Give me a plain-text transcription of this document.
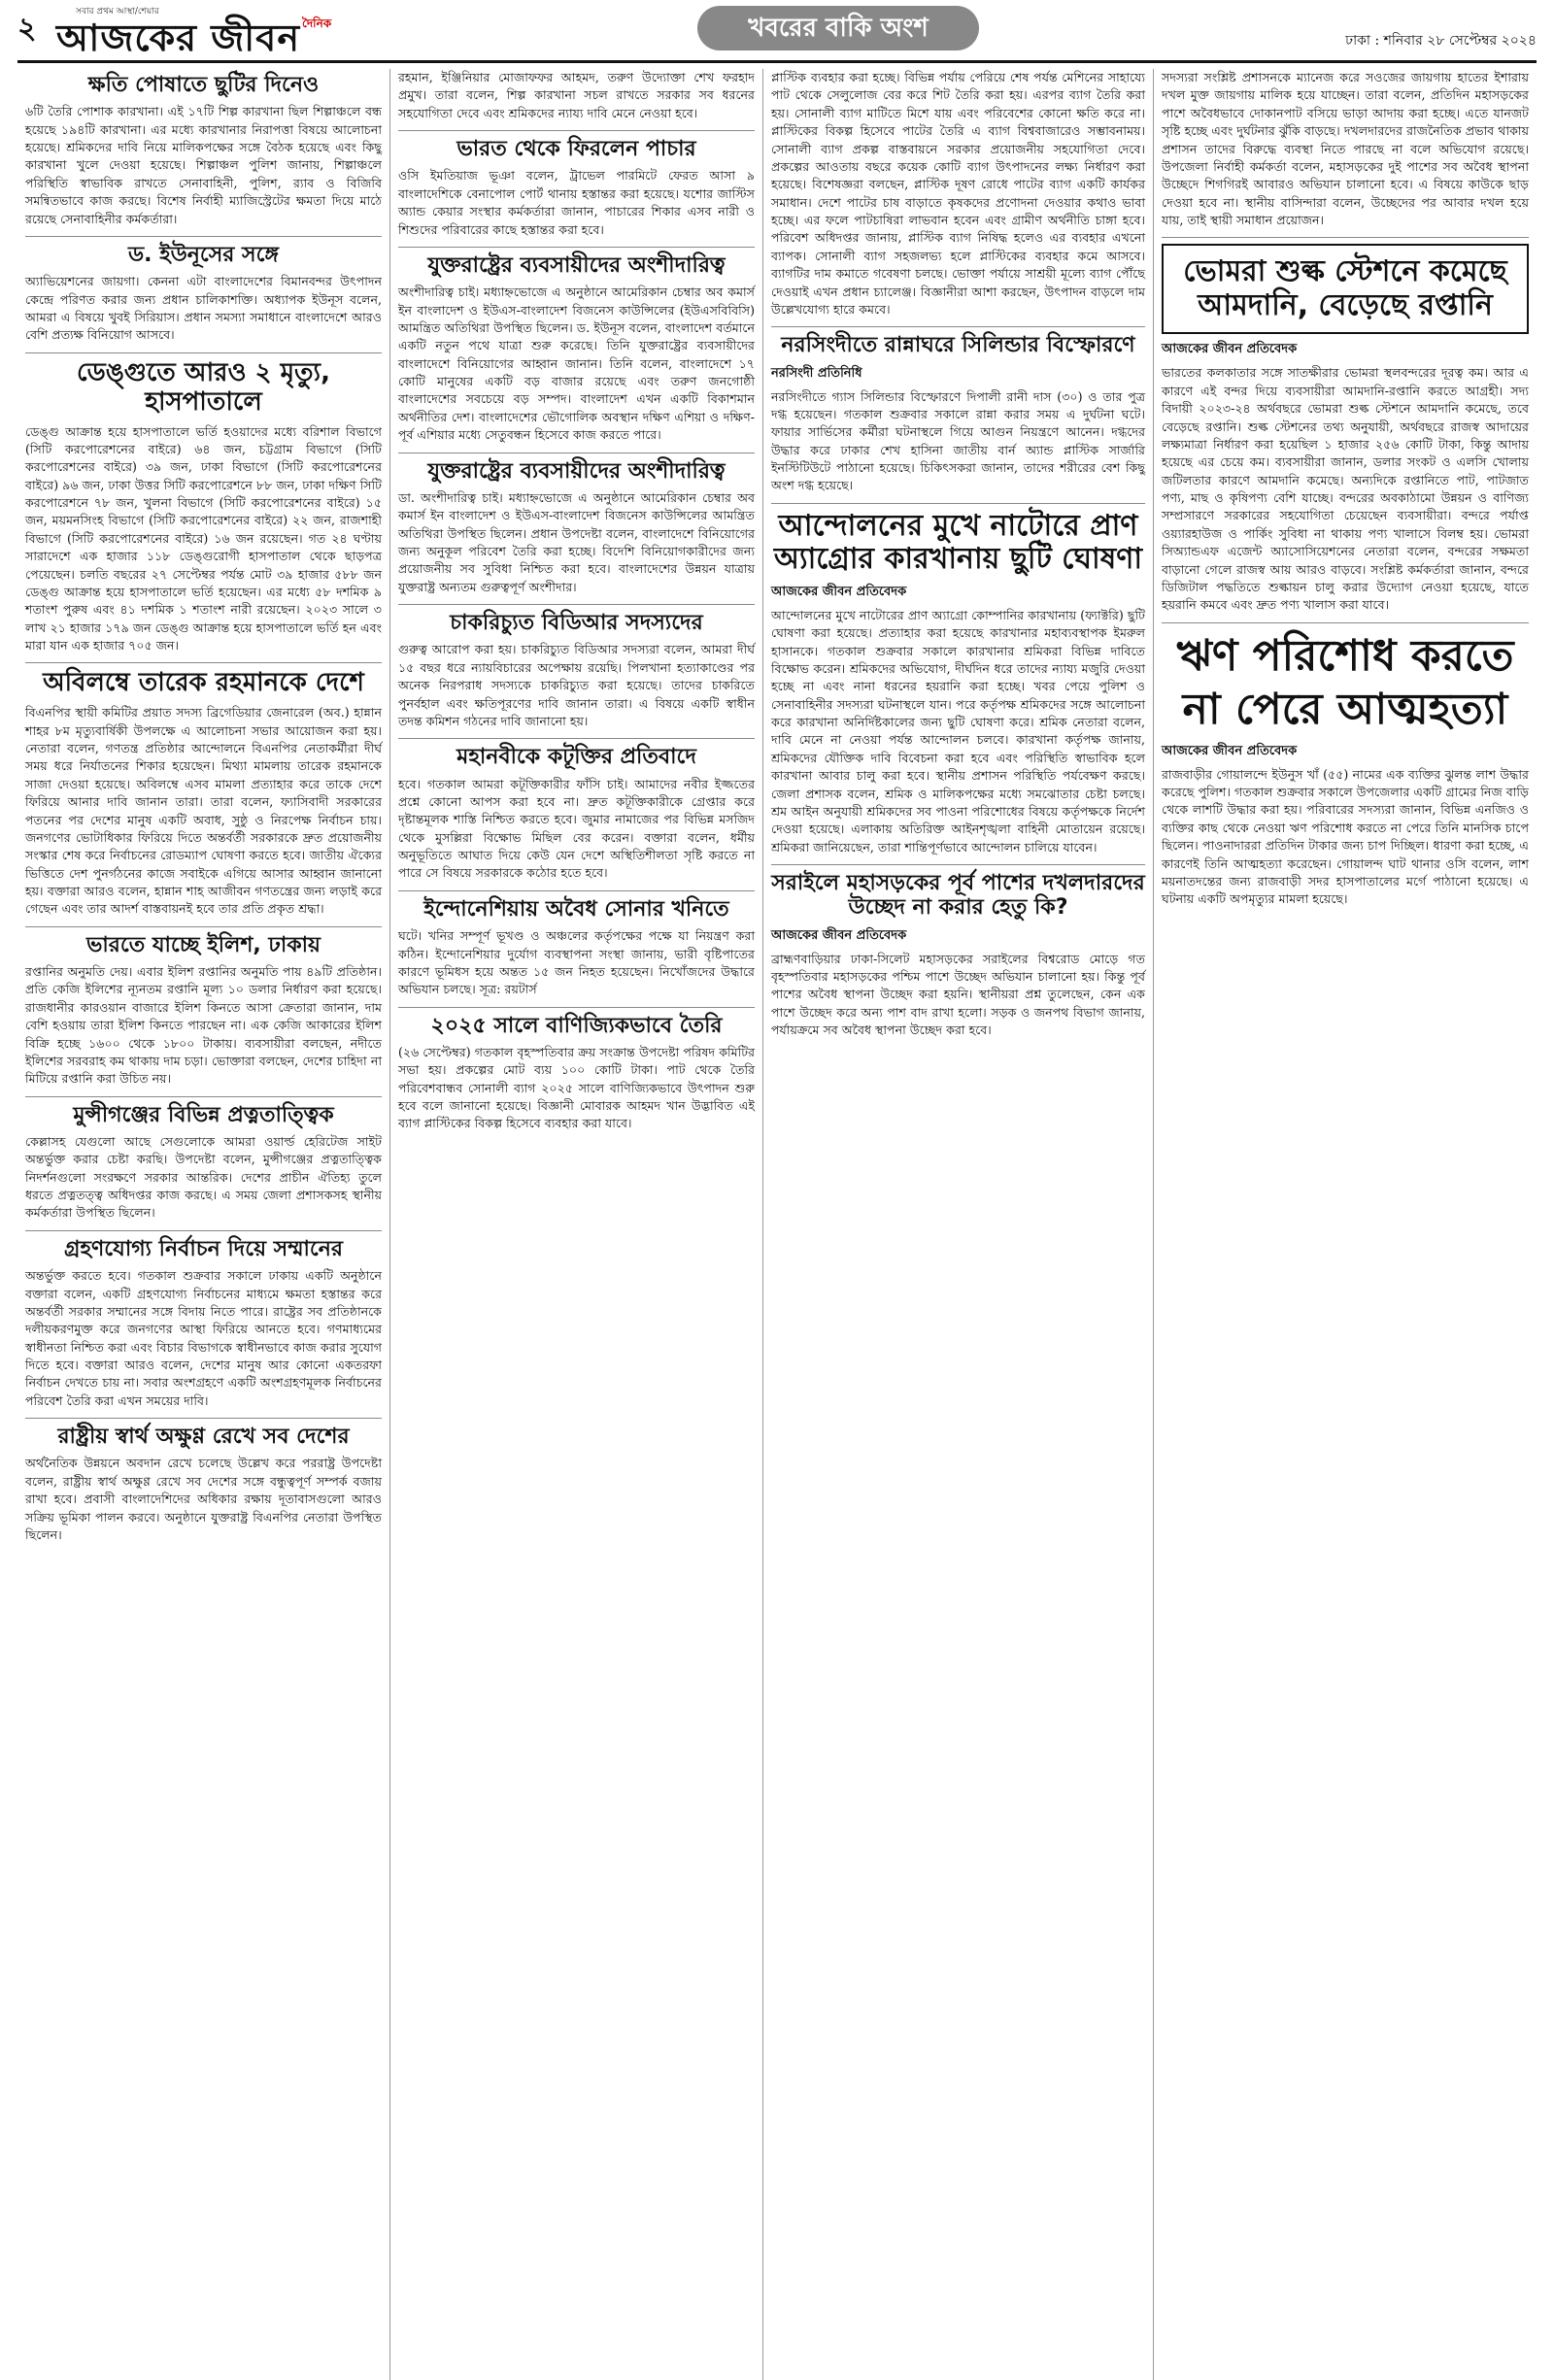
২	সবার প্রথম আস্থা/শেয়ার
আজকের জীবন দৈনিক	খবরের বাকি অংশ	ঢাকা : শনিবার ২৮ সেপ্টেম্বর ২০২৪
ক্ষতি পোষাতে ছুটির দিনেও

৬টি তৈরি পোশাক কারখানা। এই ১৭টি শিল্প কারখানা ছিল শিল্পাঞ্চলে বন্ধ হয়েছে ১৯৪টি কারখানা। এর মধ্যে কারখানার নিরাপত্তা বিষয়ে আলোচনা হয়েছে। শ্রমিকদের দাবি নিয়ে মালিকপক্ষের সঙ্গে বৈঠক হয়েছে এবং কিছু কারখানা খুলে দেওয়া হয়েছে। শিল্পাঞ্চল পুলিশ জানায়, শিল্পাঞ্চলে পরিস্থিতি স্বাভাবিক রাখতে সেনাবাহিনী, পুলিশ, র‍্যাব ও বিজিবি সমন্বিতভাবে কাজ করছে। বিশেষ নির্বাহী ম্যাজিস্ট্রেটের ক্ষমতা দিয়ে মাঠে রয়েছে সেনাবাহিনীর কর্মকর্তারা।

ড. ইউনূসের সঙ্গে

অ্যাভিয়েশনের জায়গা। কেননা এটা বাংলাদেশের বিমানবন্দর উৎপাদন কেন্দ্রে পরিণত করার জন্য প্রধান চালিকাশক্তি। অধ্যাপক ইউনূস বলেন, আমরা এ বিষয়ে খুবই সিরিয়াস। প্রধান সমস্যা সমাধানে বাংলাদেশে আরও বেশি প্রত্যক্ষ বিনিয়োগ আসবে।

ডেঙ্গুতে আরও ২ মৃত্যু, হাসপাতালে

ডেঙ্গু আক্রান্ত হয়ে হাসপাতালে ভর্তি হওয়াদের মধ্যে বরিশাল বিভাগে (সিটি করপোরেশনের বাইরে) ৬৪ জন, চট্টগ্রাম বিভাগে (সিটি করপোরেশনের বাইরে) ৩৯ জন, ঢাকা বিভাগে (সিটি করপোরেশনের বাইরে) ৯৬ জন, ঢাকা উত্তর সিটি করপোরেশনে ৮৮ জন, ঢাকা দক্ষিণ সিটি করপোরেশনে ৭৮ জন, খুলনা বিভাগে (সিটি করপোরেশনের বাইরে) ১৫ জন, ময়মনসিংহ বিভাগে (সিটি করপোরেশনের বাইরে) ২২ জন, রাজশাহী বিভাগে (সিটি করপোরেশনের বাইরে) ১৬ জন রয়েছেন। গত ২৪ ঘণ্টায় সারাদেশে এক হাজার ১১৮ ডেঙ্গুরোগী হাসপাতাল থেকে ছাড়পত্র পেয়েছেন। চলতি বছরের ২৭ সেপ্টেম্বর পর্যন্ত মোট ৩৯ হাজার ৫৮৮ জন ডেঙ্গু আক্রান্ত হয়ে হাসপাতালে ভর্তি হয়েছেন। এর মধ্যে ৫৮ দশমিক ৯ শতাংশ পুরুষ এবং ৪১ দশমিক ১ শতাংশ নারী রয়েছেন। ২০২৩ সালে ৩ লাখ ২১ হাজার ১৭৯ জন ডেঙ্গু আক্রান্ত হয়ে হাসপাতালে ভর্তি হন এবং মারা যান এক হাজার ৭০৫ জন।

অবিলম্বে তারেক রহমানকে দেশে

বিএনপির স্থায়ী কমিটির প্রয়াত সদস্য ব্রিগেডিয়ার জেনারেল (অব.) হান্নান শাহর ৮ম মৃত্যুবার্ষিকী উপলক্ষে এ আলোচনা সভার আয়োজন করা হয়। নেতারা বলেন, গণতন্ত্র প্রতিষ্ঠার আন্দোলনে বিএনপির নেতাকর্মীরা দীর্ঘ সময় ধরে নির্যাতনের শিকার হয়েছেন। মিথ্যা মামলায় তারেক রহমানকে সাজা দেওয়া হয়েছে। অবিলম্বে এসব মামলা প্রত্যাহার করে তাকে দেশে ফিরিয়ে আনার দাবি জানান তারা। তারা বলেন, ফ্যাসিবাদী সরকারের পতনের পর দেশের মানুষ একটি অবাধ, সুষ্ঠু ও নিরপেক্ষ নির্বাচন চায়। জনগণের ভোটাধিকার ফিরিয়ে দিতে অন্তর্বর্তী সরকারকে দ্রুত প্রয়োজনীয় সংস্কার শেষ করে নির্বাচনের রোডম্যাপ ঘোষণা করতে হবে। জাতীয় ঐক্যের ভিত্তিতে দেশ পুনর্গঠনের কাজে সবাইকে এগিয়ে আসার আহ্বান জানানো হয়। বক্তারা আরও বলেন, হান্নান শাহ আজীবন গণতন্ত্রের জন্য লড়াই করে গেছেন এবং তার আদর্শ বাস্তবায়নই হবে তার প্রতি প্রকৃত শ্রদ্ধা।

ভারতে যাচ্ছে ইলিশ, ঢাকায়

রপ্তানির অনুমতি দেয়। এবার ইলিশ রপ্তানির অনুমতি পায় ৪৯টি প্রতিষ্ঠান। প্রতি কেজি ইলিশের ন্যূনতম রপ্তানি মূল্য ১০ ডলার নির্ধারণ করা হয়েছে। রাজধানীর কারওয়ান বাজারে ইলিশ কিনতে আসা ক্রেতারা জানান, দাম বেশি হওয়ায় তারা ইলিশ কিনতে পারছেন না। এক কেজি আকারের ইলিশ বিক্রি হচ্ছে ১৬০০ থেকে ১৮০০ টাকায়। ব্যবসায়ীরা বলছেন, নদীতে ইলিশের সরবরাহ কম থাকায় দাম চড়া। ভোক্তারা বলছেন, দেশের চাহিদা না মিটিয়ে রপ্তানি করা উচিত নয়।

মুন্সীগঞ্জের বিভিন্ন প্রত্নতাত্ত্বিক

কেল্লাসহ যেগুলো আছে সেগুলোকে আমরা ওয়ার্ল্ড হেরিটেজ সাইট অন্তর্ভুক্ত করার চেষ্টা করছি। উপদেষ্টা বলেন, মুন্সীগঞ্জের প্রত্নতাত্ত্বিক নিদর্শনগুলো সংরক্ষণে সরকার আন্তরিক। দেশের প্রাচীন ঐতিহ্য তুলে ধরতে প্রত্নতত্ত্ব অধিদপ্তর কাজ করছে। এ সময় জেলা প্রশাসকসহ স্থানীয় কর্মকর্তারা উপস্থিত ছিলেন।

গ্রহণযোগ্য নির্বাচন দিয়ে সম্মানের

অন্তর্ভুক্ত করতে হবে। গতকাল শুক্রবার সকালে ঢাকায় একটি অনুষ্ঠানে বক্তারা বলেন, একটি গ্রহণযোগ্য নির্বাচনের মাধ্যমে ক্ষমতা হস্তান্তর করে অন্তর্বর্তী সরকার সম্মানের সঙ্গে বিদায় নিতে পারে। রাষ্ট্রের সব প্রতিষ্ঠানকে দলীয়করণমুক্ত করে জনগণের আস্থা ফিরিয়ে আনতে হবে। গণমাধ্যমের স্বাধীনতা নিশ্চিত করা এবং বিচার বিভাগকে স্বাধীনভাবে কাজ করার সুযোগ দিতে হবে। বক্তারা আরও বলেন, দেশের মানুষ আর কোনো একতরফা নির্বাচন দেখতে চায় না। সবার অংশগ্রহণে একটি অংশগ্রহণমূলক নির্বাচনের পরিবেশ তৈরি করা এখন সময়ের দাবি।

রাষ্ট্রীয় স্বার্থ অক্ষুণ্ণ রেখে সব দেশের

অর্থনৈতিক উন্নয়নে অবদান রেখে চলেছে উল্লেখ করে পররাষ্ট্র উপদেষ্টা বলেন, রাষ্ট্রীয় স্বার্থ অক্ষুণ্ণ রেখে সব দেশের সঙ্গে বন্ধুত্বপূর্ণ সম্পর্ক বজায় রাখা হবে। প্রবাসী বাংলাদেশিদের অধিকার রক্ষায় দূতাবাসগুলো আরও সক্রিয় ভূমিকা পালন করবে। অনুষ্ঠানে যুক্তরাষ্ট্র বিএনপির নেতারা উপস্থিত ছিলেন।

রহমান, ইঞ্জিনিয়ার মোজাফফর আহমদ, তরুণ উদ্যোক্তা শেখ ফরহাদ প্রমুখ। তারা বলেন, শিল্প কারখানা সচল রাখতে সরকার সব ধরনের সহযোগিতা দেবে এবং শ্রমিকদের ন্যায্য দাবি মেনে নেওয়া হবে।

ভারত থেকে ফিরলেন পাচার

ওসি ইমতিয়াজ ভূঞা বলেন, ট্রাভেল পারমিটে ফেরত আসা ৯ বাংলাদেশিকে বেনাপোল পোর্ট থানায় হস্তান্তর করা হয়েছে। যশোর জাস্টিস অ্যান্ড কেয়ার সংস্থার কর্মকর্তারা জানান, পাচারের শিকার এসব নারী ও শিশুদের পরিবারের কাছে হস্তান্তর করা হবে।

যুক্তরাষ্ট্রের ব্যবসায়ীদের অংশীদারিত্ব

অংশীদারিত্ব চাই। মধ্যাহ্নভোজে এ অনুষ্ঠানে আমেরিকান চেম্বার অব কমার্স ইন বাংলাদেশ ও ইউএস-বাংলাদেশ বিজনেস কাউন্সিলের (ইউএসবিবিসি) আমন্ত্রিত অতিথিরা উপস্থিত ছিলেন। ড. ইউনূস বলেন, বাংলাদেশ বর্তমানে একটি নতুন পথে যাত্রা শুরু করেছে। তিনি যুক্তরাষ্ট্রের ব্যবসায়ীদের বাংলাদেশে বিনিয়োগের আহ্বান জানান। তিনি বলেন, বাংলাদেশে ১৭ কোটি মানুষের একটি বড় বাজার রয়েছে এবং তরুণ জনগোষ্ঠী বাংলাদেশের সবচেয়ে বড় সম্পদ। বাংলাদেশ এখন একটি বিকাশমান অর্থনীতির দেশ। বাংলাদেশের ভৌগোলিক অবস্থান দক্ষিণ এশিয়া ও দক্ষিণ-পূর্ব এশিয়ার মধ্যে সেতুবন্ধন হিসেবে কাজ করতে পারে।

যুক্তরাষ্ট্রের ব্যবসায়ীদের অংশীদারিত্ব

ডা. অংশীদারিত্ব চাই। মধ্যাহ্নভোজে এ অনুষ্ঠানে আমেরিকান চেম্বার অব কমার্স ইন বাংলাদেশ ও ইউএস-বাংলাদেশ বিজনেস কাউন্সিলের আমন্ত্রিত অতিথিরা উপস্থিত ছিলেন। প্রধান উপদেষ্টা বলেন, বাংলাদেশে বিনিয়োগের জন্য অনুকূল পরিবেশ তৈরি করা হচ্ছে। বিদেশি বিনিয়োগকারীদের জন্য প্রয়োজনীয় সব সুবিধা নিশ্চিত করা হবে। বাংলাদেশের উন্নয়ন যাত্রায় যুক্তরাষ্ট্র অন্যতম গুরুত্বপূর্ণ অংশীদার।

চাকরিচ্যুত বিডিআর সদস্যদের

গুরুত্ব আরোপ করা হয়। চাকরিচ্যুত বিডিআর সদস্যরা বলেন, আমরা দীর্ঘ ১৫ বছর ধরে ন্যায়বিচারের অপেক্ষায় রয়েছি। পিলখানা হত্যাকাণ্ডের পর অনেক নিরপরাধ সদস্যকে চাকরিচ্যুত করা হয়েছে। তাদের চাকরিতে পুনর্বহাল এবং ক্ষতিপূরণের দাবি জানান তারা। এ বিষয়ে একটি স্বাধীন তদন্ত কমিশন গঠনের দাবি জানানো হয়।

মহানবীকে কটূক্তির প্রতিবাদে

হবে। গতকাল আমরা কটূক্তিকারীর ফাঁসি চাই। আমাদের নবীর ইজ্জতের প্রশ্নে কোনো আপস করা হবে না। দ্রুত কটূক্তিকারীকে গ্রেপ্তার করে দৃষ্টান্তমূলক শাস্তি নিশ্চিত করতে হবে। জুমার নামাজের পর বিভিন্ন মসজিদ থেকে মুসল্লিরা বিক্ষোভ মিছিল বের করেন। বক্তারা বলেন, ধর্মীয় অনুভূতিতে আঘাত দিয়ে কেউ যেন দেশে অস্থিতিশীলতা সৃষ্টি করতে না পারে সে বিষয়ে সরকারকে কঠোর হতে হবে।

ইন্দোনেশিয়ায় অবৈধ সোনার খনিতে

ঘটে। খনির সম্পূর্ণ ভূখণ্ড ও অঞ্চলের কর্তৃপক্ষের পক্ষে যা নিয়ন্ত্রণ করা কঠিন। ইন্দোনেশিয়ার দুর্যোগ ব্যবস্থাপনা সংস্থা জানায়, ভারী বৃষ্টিপাতের কারণে ভূমিধস হয়ে অন্তত ১৫ জন নিহত হয়েছেন। নিখোঁজদের উদ্ধারে অভিযান চলছে। সূত্র: রয়টার্স

২০২৫ সালে বাণিজ্যিকভাবে তৈরি

(২৬ সেপ্টেম্বর) গতকাল বৃহস্পতিবার ক্রয় সংক্রান্ত উপদেষ্টা পরিষদ কমিটির সভা হয়। প্রকল্পের মোট ব্যয় ১০০ কোটি টাকা। পাট থেকে তৈরি পরিবেশবান্ধব সোনালী ব্যাগ ২০২৫ সালে বাণিজ্যিকভাবে উৎপাদন শুরু হবে বলে জানানো হয়েছে। বিজ্ঞানী মোবারক আহমদ খান উদ্ভাবিত এই ব্যাগ প্লাস্টিকের বিকল্প হিসেবে ব্যবহার করা যাবে।

প্লাস্টিক ব্যবহার করা হচ্ছে। বিভিন্ন পর্যায় পেরিয়ে শেষ পর্যন্ত মেশিনের সাহায্যে পাট থেকে সেলুলোজ বের করে শিট তৈরি করা হয়। এরপর ব্যাগ তৈরি করা হয়। সোনালী ব্যাগ মাটিতে মিশে যায় এবং পরিবেশের কোনো ক্ষতি করে না। প্লাস্টিকের বিকল্প হিসেবে পাটের তৈরি এ ব্যাগ বিশ্ববাজারেও সম্ভাবনাময়। সোনালী ব্যাগ প্রকল্প বাস্তবায়নে সরকার প্রয়োজনীয় সহযোগিতা দেবে। প্রকল্পের আওতায় বছরে কয়েক কোটি ব্যাগ উৎপাদনের লক্ষ্য নির্ধারণ করা হয়েছে। বিশেষজ্ঞরা বলছেন, প্লাস্টিক দূষণ রোধে পাটের ব্যাগ একটি কার্যকর সমাধান। দেশে পাটের চাষ বাড়াতে কৃষকদের প্রণোদনা দেওয়ার কথাও ভাবা হচ্ছে। এর ফলে পাটচাষিরা লাভবান হবেন এবং গ্রামীণ অর্থনীতি চাঙ্গা হবে। পরিবেশ অধিদপ্তর জানায়, প্লাস্টিক ব্যাগ নিষিদ্ধ হলেও এর ব্যবহার এখনো ব্যাপক। সোনালী ব্যাগ সহজলভ্য হলে প্লাস্টিকের ব্যবহার কমে আসবে। ব্যাগটির দাম কমাতে গবেষণা চলছে। ভোক্তা পর্যায়ে সাশ্রয়ী মূল্যে ব্যাগ পৌঁছে দেওয়াই এখন প্রধান চ্যালেঞ্জ। বিজ্ঞানীরা আশা করছেন, উৎপাদন বাড়লে দাম উল্লেখযোগ্য হারে কমবে।

নরসিংদীতে রান্নাঘরে সিলিন্ডার বিস্ফোরণে
নরসিংদী প্রতিনিধি

নরসিংদীতে গ্যাস সিলিন্ডার বিস্ফোরণে দিপালী রানী দাস (৩০) ও তার পুত্র দগ্ধ হয়েছেন। গতকাল শুক্রবার সকালে রান্না করার সময় এ দুর্ঘটনা ঘটে। ফায়ার সার্ভিসের কর্মীরা ঘটনাস্থলে গিয়ে আগুন নিয়ন্ত্রণে আনেন। দগ্ধদের উদ্ধার করে ঢাকার শেখ হাসিনা জাতীয় বার্ন অ্যান্ড প্লাস্টিক সার্জারি ইনস্টিটিউটে পাঠানো হয়েছে। চিকিৎসকরা জানান, তাদের শরীরের বেশ কিছু অংশ দগ্ধ হয়েছে।

আন্দোলনের মুখে নাটোরে প্রাণ অ্যাগ্রোর কারখানায় ছুটি ঘোষণা
আজকের জীবন প্রতিবেদক

আন্দোলনের মুখে নাটোরের প্রাণ অ্যাগ্রো কোম্পানির কারখানায় (ফ্যাক্টরি) ছুটি ঘোষণা করা হয়েছে। প্রত্যাহার করা হয়েছে কারখানার মহাব্যবস্থাপক ইমরুল হাসানকে। গতকাল শুক্রবার সকালে কারখানার শ্রমিকরা বিভিন্ন দাবিতে বিক্ষোভ করেন। শ্রমিকদের অভিযোগ, দীর্ঘদিন ধরে তাদের ন্যায্য মজুরি দেওয়া হচ্ছে না এবং নানা ধরনের হয়রানি করা হচ্ছে। খবর পেয়ে পুলিশ ও সেনাবাহিনীর সদস্যরা ঘটনাস্থলে যান। পরে কর্তৃপক্ষ শ্রমিকদের সঙ্গে আলোচনা করে কারখানা অনির্দিষ্টকালের জন্য ছুটি ঘোষণা করে। শ্রমিক নেতারা বলেন, দাবি মেনে না নেওয়া পর্যন্ত আন্দোলন চলবে। কারখানা কর্তৃপক্ষ জানায়, শ্রমিকদের যৌক্তিক দাবি বিবেচনা করা হবে এবং পরিস্থিতি স্বাভাবিক হলে কারখানা আবার চালু করা হবে। স্থানীয় প্রশাসন পরিস্থিতি পর্যবেক্ষণ করছে। জেলা প্রশাসক বলেন, শ্রমিক ও মালিকপক্ষের মধ্যে সমঝোতার চেষ্টা চলছে। শ্রম আইন অনুযায়ী শ্রমিকদের সব পাওনা পরিশোধের বিষয়ে কর্তৃপক্ষকে নির্দেশ দেওয়া হয়েছে। এলাকায় অতিরিক্ত আইনশৃঙ্খলা বাহিনী মোতায়েন রয়েছে। শ্রমিকরা জানিয়েছেন, তারা শান্তিপূর্ণভাবে আন্দোলন চালিয়ে যাবেন।

সরাইলে মহাসড়কের পূর্ব পাশের দখলদারদের উচ্ছেদ না করার হেতু কি?
আজকের জীবন প্রতিবেদক

ব্রাহ্মণবাড়িয়ার ঢাকা-সিলেট মহাসড়কের সরাইলের বিশ্বরোড মোড়ে গত বৃহস্পতিবার মহাসড়কের পশ্চিম পাশে উচ্ছেদ অভিযান চালানো হয়। কিন্তু পূর্ব পাশের অবৈধ স্থাপনা উচ্ছেদ করা হয়নি। স্থানীয়রা প্রশ্ন তুলেছেন, কেন এক পাশে উচ্ছেদ করে অন্য পাশ বাদ রাখা হলো। সড়ক ও জনপথ বিভাগ জানায়, পর্যায়ক্রমে সব অবৈধ স্থাপনা উচ্ছেদ করা হবে।

সদস্যরা সংশ্লিষ্ট প্রশাসনকে ম্যানেজ করে সওজের জায়গায় হাতের ইশারায় দখল মুক্ত জায়গায় মালিক হয়ে যাচ্ছেন। তারা বলেন, প্রতিদিন মহাসড়কের পাশে অবৈধভাবে দোকানপাট বসিয়ে ভাড়া আদায় করা হচ্ছে। এতে যানজট সৃষ্টি হচ্ছে এবং দুর্ঘটনার ঝুঁকি বাড়ছে। দখলদারদের রাজনৈতিক প্রভাব থাকায় প্রশাসন তাদের বিরুদ্ধে ব্যবস্থা নিতে পারছে না বলে অভিযোগ রয়েছে। উপজেলা নির্বাহী কর্মকর্তা বলেন, মহাসড়কের দুই পাশের সব অবৈধ স্থাপনা উচ্ছেদে শিগগিরই আবারও অভিযান চালানো হবে। এ বিষয়ে কাউকে ছাড় দেওয়া হবে না। স্থানীয় বাসিন্দারা বলেন, উচ্ছেদের পর আবার দখল হয়ে যায়, তাই স্থায়ী সমাধান প্রয়োজন।

ভোমরা শুল্ক স্টেশনে কমেছে আমদানি, বেড়েছে রপ্তানি
আজকের জীবন প্রতিবেদক

ভারতের কলকাতার সঙ্গে সাতক্ষীরার ভোমরা স্থলবন্দরের দূরত্ব কম। আর এ কারণে এই বন্দর দিয়ে ব্যবসায়ীরা আমদানি-রপ্তানি করতে আগ্রহী। সদ্য বিদায়ী ২০২৩-২৪ অর্থবছরে ভোমরা শুল্ক স্টেশনে আমদানি কমেছে, তবে বেড়েছে রপ্তানি। শুল্ক স্টেশনের তথ্য অনুযায়ী, অর্থবছরে রাজস্ব আদায়ের লক্ষ্যমাত্রা নির্ধারণ করা হয়েছিল ১ হাজার ২৫৬ কোটি টাকা, কিন্তু আদায় হয়েছে এর চেয়ে কম। ব্যবসায়ীরা জানান, ডলার সংকট ও এলসি খোলায় জটিলতার কারণে আমদানি কমেছে। অন্যদিকে রপ্তানিতে পাট, পাটজাত পণ্য, মাছ ও কৃষিপণ্য বেশি যাচ্ছে। বন্দরের অবকাঠামো উন্নয়ন ও বাণিজ্য সম্প্রসারণে সরকারের সহযোগিতা চেয়েছেন ব্যবসায়ীরা। বন্দরে পর্যাপ্ত ওয়্যারহাউজ ও পার্কিং সুবিধা না থাকায় পণ্য খালাসে বিলম্ব হয়। ভোমরা সিঅ্যান্ডএফ এজেন্ট অ্যাসোসিয়েশনের নেতারা বলেন, বন্দরের সক্ষমতা বাড়ানো গেলে রাজস্ব আয় আরও বাড়বে। সংশ্লিষ্ট কর্মকর্তারা জানান, বন্দরে ডিজিটাল পদ্ধতিতে শুল্কায়ন চালু করার উদ্যোগ নেওয়া হয়েছে, যাতে হয়রানি কমবে এবং দ্রুত পণ্য খালাস করা যাবে।

ঋণ পরিশোধ করতে না পেরে আত্মহত্যা
আজকের জীবন প্রতিবেদক

রাজবাড়ীর গোয়ালন্দে ইউনুস খাঁ (৫৫) নামের এক ব্যক্তির ঝুলন্ত লাশ উদ্ধার করেছে পুলিশ। গতকাল শুক্রবার সকালে উপজেলার একটি গ্রামের নিজ বাড়ি থেকে লাশটি উদ্ধার করা হয়। পরিবারের সদস্যরা জানান, বিভিন্ন এনজিও ও ব্যক্তির কাছ থেকে নেওয়া ঋণ পরিশোধ করতে না পেরে তিনি মানসিক চাপে ছিলেন। পাওনাদাররা প্রতিদিন টাকার জন্য চাপ দিচ্ছিল। ধারণা করা হচ্ছে, এ কারণেই তিনি আত্মহত্যা করেছেন। গোয়ালন্দ ঘাট থানার ওসি বলেন, লাশ ময়নাতদন্তের জন্য রাজবাড়ী সদর হাসপাতালের মর্গে পাঠানো হয়েছে। এ ঘটনায় একটি অপমৃত্যুর মামলা হয়েছে।
